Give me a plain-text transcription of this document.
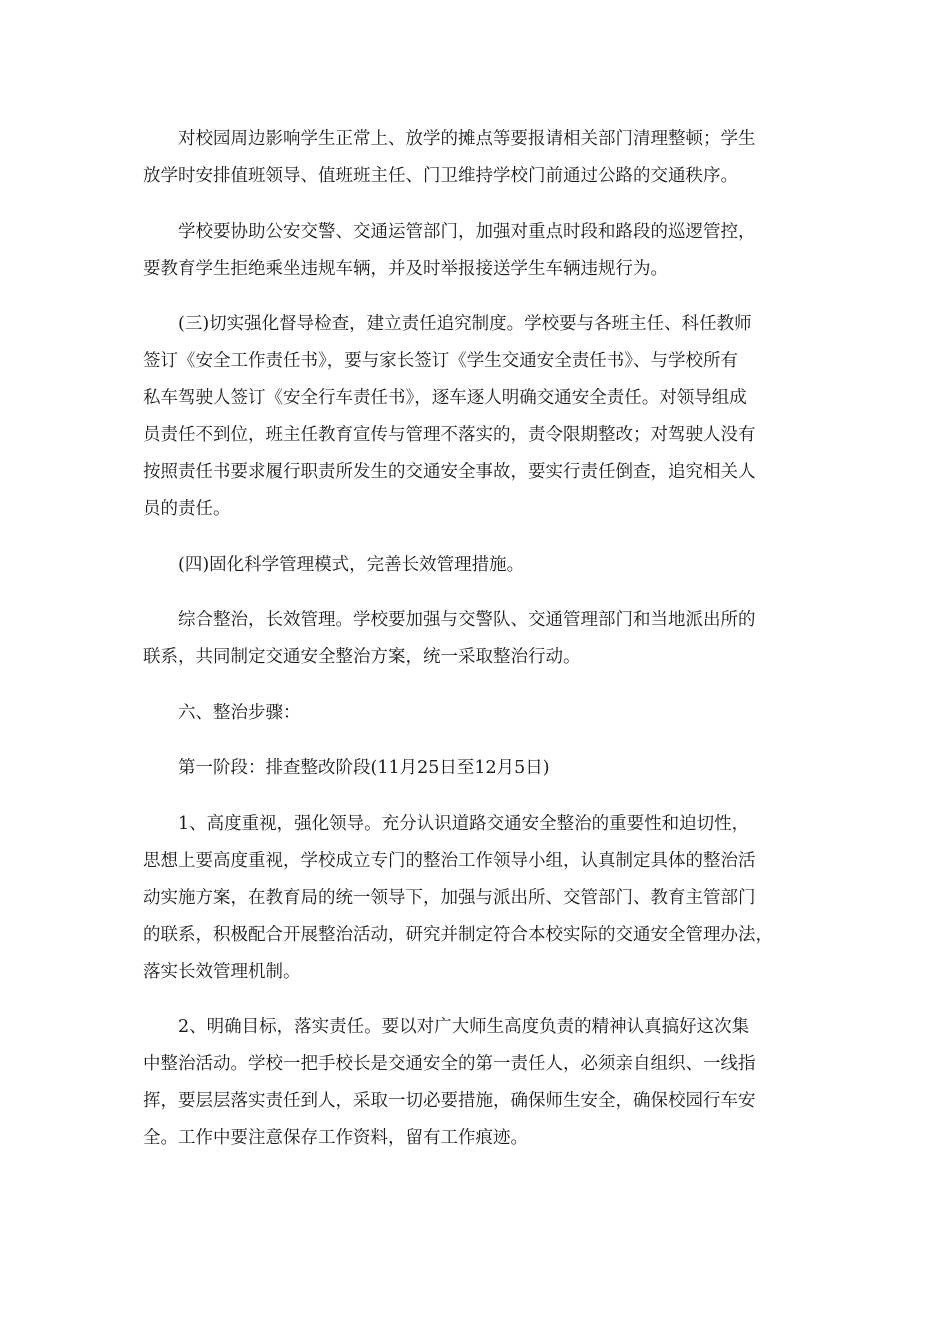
对校园周边影响学生正常上、放学的摊点等要报请相关部门清理整顿；学生
放学时安排值班领导、值班班主任、门卫维持学校门前通过公路的交通秩序。

学校要协助公安交警、交通运管部门，加强对重点时段和路段的巡逻管控，
要教育学生拒绝乘坐违规车辆，并及时举报接送学生车辆违规行为。

(三)切实强化督导检查，建立责任追究制度。学校要与各班主任、科任教师
签订《安全工作责任书》，要与家长签订《学生交通安全责任书》、与学校所有
私车驾驶人签订《安全行车责任书》，逐车逐人明确交通安全责任。对领导组成
员责任不到位，班主任教育宣传与管理不落实的，责令限期整改；对驾驶人没有
按照责任书要求履行职责所发生的交通安全事故，要实行责任倒查，追究相关人
员的责任。

(四)固化科学管理模式，完善长效管理措施。

综合整治，长效管理。学校要加强与交警队、交通管理部门和当地派出所的
联系，共同制定交通安全整治方案，统一采取整治行动。

六、整治步骤：

第一阶段：排查整改阶段(11月25日至12月5日)

1、高度重视，强化领导。充分认识道路交通安全整治的重要性和迫切性，
思想上要高度重视，学校成立专门的整治工作领导小组，认真制定具体的整治活
动实施方案，在教育局的统一领导下，加强与派出所、交管部门、教育主管部门
的联系，积极配合开展整治活动，研究并制定符合本校实际的交通安全管理办法，
落实长效管理机制。

2、明确目标，落实责任。要以对广大师生高度负责的精神认真搞好这次集
中整治活动。学校一把手校长是交通安全的第一责任人，必须亲自组织、一线指
挥，要层层落实责任到人，采取一切必要措施，确保师生安全，确保校园行车安
全。工作中要注意保存工作资料，留有工作痕迹。
